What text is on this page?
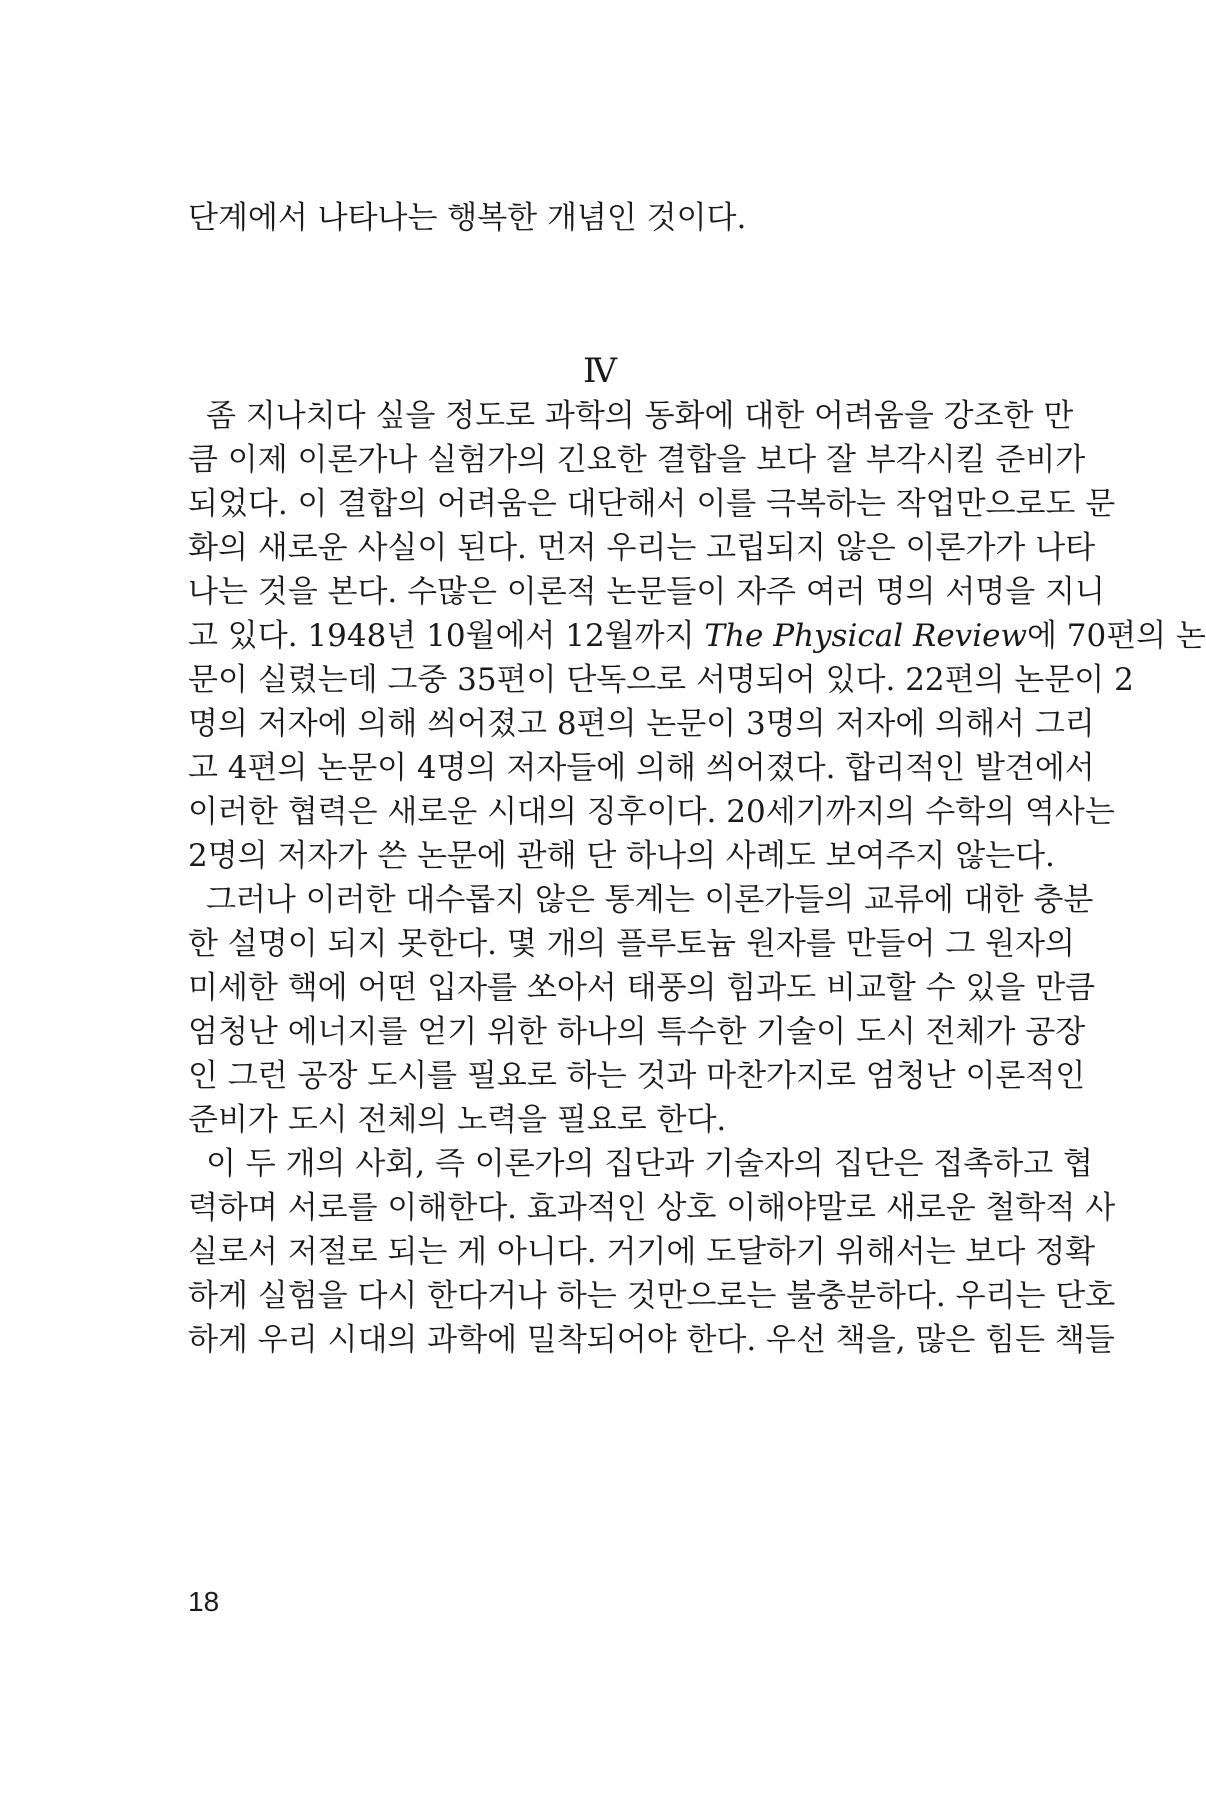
단계에서 나타나는 행복한 개념인 것이다.
Ⅳ
좀 지나치다 싶을 정도로 과학의 동화에 대한 어려움을 강조한 만
큼 이제 이론가나 실험가의 긴요한 결합을 보다 잘 부각시킬 준비가
되었다. 이 결합의 어려움은 대단해서 이를 극복하는 작업만으로도 문
화의 새로운 사실이 된다. 먼저 우리는 고립되지 않은 이론가가 나타
나는 것을 본다. 수많은 이론적 논문들이 자주 여러 명의 서명을 지니
고 있다. 1948년 10월에서 12월까지 The Physical Review에 70편의 논
문이 실렸는데 그중 35편이 단독으로 서명되어 있다. 22편의 논문이 2
명의 저자에 의해 씌어졌고 8편의 논문이 3명의 저자에 의해서 그리
고 4편의 논문이 4명의 저자들에 의해 씌어졌다. 합리적인 발견에서
이러한 협력은 새로운 시대의 징후이다. 20세기까지의 수학의 역사는
2명의 저자가 쓴 논문에 관해 단 하나의 사례도 보여주지 않는다.
그러나 이러한 대수롭지 않은 통계는 이론가들의 교류에 대한 충분
한 설명이 되지 못한다. 몇 개의 플루토늄 원자를 만들어 그 원자의
미세한 핵에 어떤 입자를 쏘아서 태풍의 힘과도 비교할 수 있을 만큼
엄청난 에너지를 얻기 위한 하나의 특수한 기술이 도시 전체가 공장
인 그런 공장 도시를 필요로 하는 것과 마찬가지로 엄청난 이론적인
준비가 도시 전체의 노력을 필요로 한다.
이 두 개의 사회, 즉 이론가의 집단과 기술자의 집단은 접촉하고 협
력하며 서로를 이해한다. 효과적인 상호 이해야말로 새로운 철학적 사
실로서 저절로 되는 게 아니다. 거기에 도달하기 위해서는 보다 정확
하게 실험을 다시 한다거나 하는 것만으로는 불충분하다. 우리는 단호
하게 우리 시대의 과학에 밀착되어야 한다. 우선 책을, 많은 힘든 책들
18
